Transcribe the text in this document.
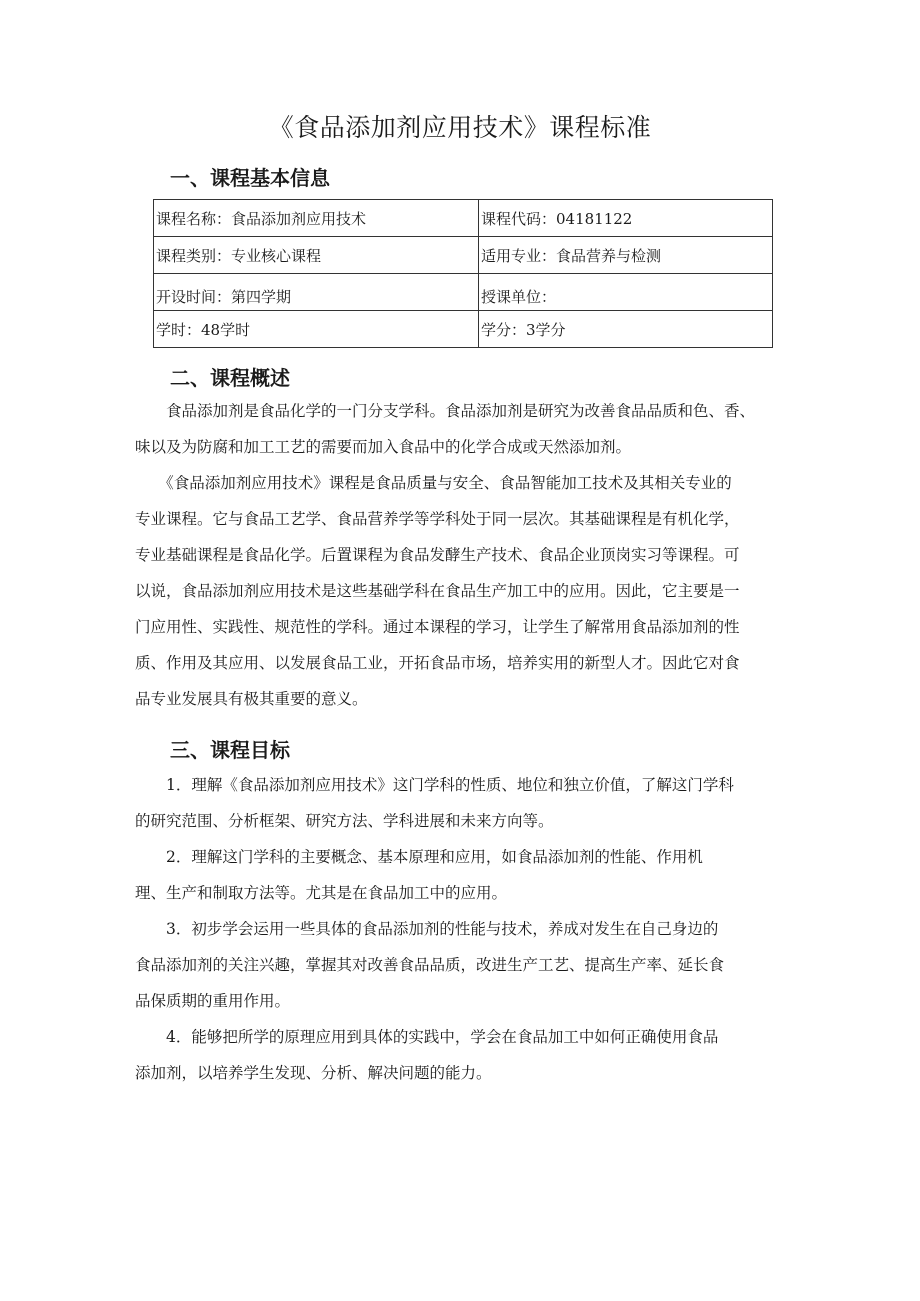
《食品添加剂应用技术》课程标准
一、课程基本信息
课程名称：食品添加剂应用技术	课程代码：04181122
课程类别：专业核心课程	适用专业：食品营养与检测
开设时间：第四学期	授课单位：
学时：48学时	学分：3学分
二、课程概述
　　食品添加剂是食品化学的一门分支学科。食品添加剂是研究为改善食品品质和色、香、
味以及为防腐和加工工艺的需要而加入食品中的化学合成或天然添加剂。
　　《食品添加剂应用技术》课程是食品质量与安全、食品智能加工技术及其相关专业的
专业课程。它与食品工艺学、食品营养学等学科处于同一层次。其基础课程是有机化学，
专业基础课程是食品化学。后置课程为食品发酵生产技术、食品企业顶岗实习等课程。可
以说，食品添加剂应用技术是这些基础学科在食品生产加工中的应用。因此，它主要是一
门应用性、实践性、规范性的学科。通过本课程的学习，让学生了解常用食品添加剂的性
质、作用及其应用、以发展食品工业，开拓食品市场，培养实用的新型人才。因此它对食
品专业发展具有极其重要的意义。
三、课程目标
　　1．理解《食品添加剂应用技术》这门学科的性质、地位和独立价值，了解这门学科
的研究范围、分析框架、研究方法、学科进展和未来方向等。
　　2．理解这门学科的主要概念、基本原理和应用，如食品添加剂的性能、作用机
理、生产和制取方法等。尤其是在食品加工中的应用。
　　3．初步学会运用一些具体的食品添加剂的性能与技术，养成对发生在自己身边的
食品添加剂的关注兴趣，掌握其对改善食品品质，改进生产工艺、提高生产率、延长食
品保质期的重用作用。
　　4．能够把所学的原理应用到具体的实践中，学会在食品加工中如何正确使用食品
添加剂，以培养学生发现、分析、解决问题的能力。
